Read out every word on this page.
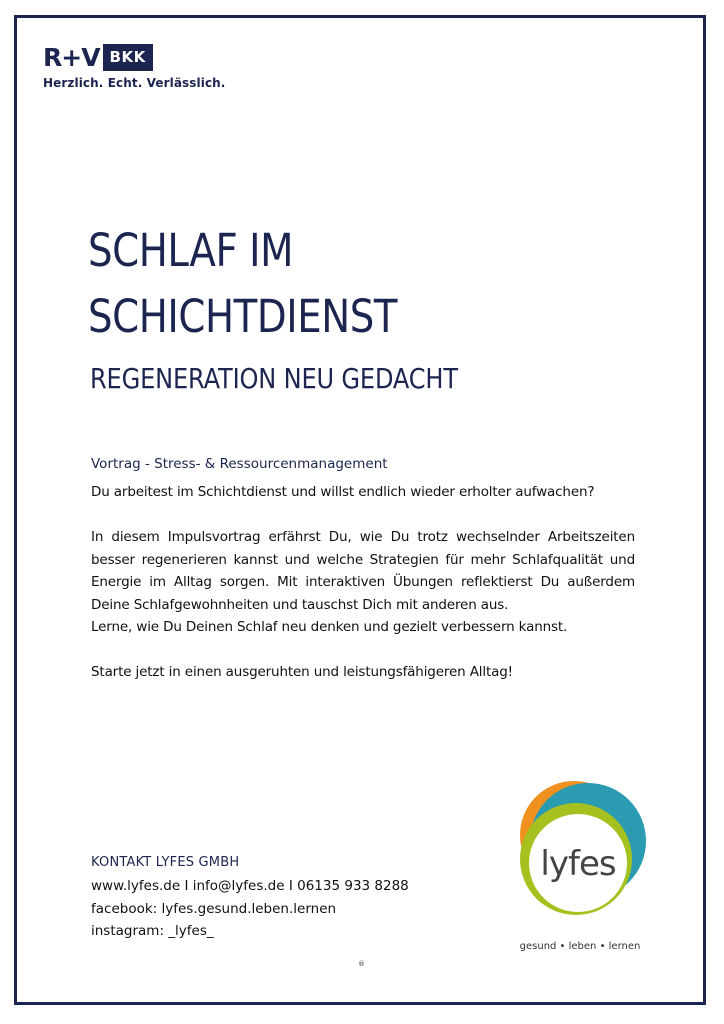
R+V BKK
Herzlich. Echt. Verlässlich.
SCHLAF IM
SCHICHTDIENST
REGENERATION NEU GEDACHT

Vortrag - Stress- & Ressourcenmanagement

Du arbeitest im Schichtdienst und willst endlich wieder erholter aufwachen?

In diesem Impulsvortrag erfährst Du, wie Du trotz wechselnder Arbeitszeiten besser regenerieren kannst und welche Strategien für mehr Schlafqualität und Energie im Alltag sorgen. Mit interaktiven Übungen reflektierst Du außerdem Deine Schlafgewohnheiten und tauschst Dich mit anderen aus.

Lerne, wie Du Deinen Schlaf neu denken und gezielt verbessern kannst.

Starte jetzt in einen ausgeruhten und leistungsfähigeren Alltag!

KONTAKT LYFES GMBH
www.lyfes.de I info@lyfes.de I 06135 933 8288
facebook: lyfes.gesund.leben.lernen
instagram: _lyfes_
lyfes
gesund • leben • lernen
®
